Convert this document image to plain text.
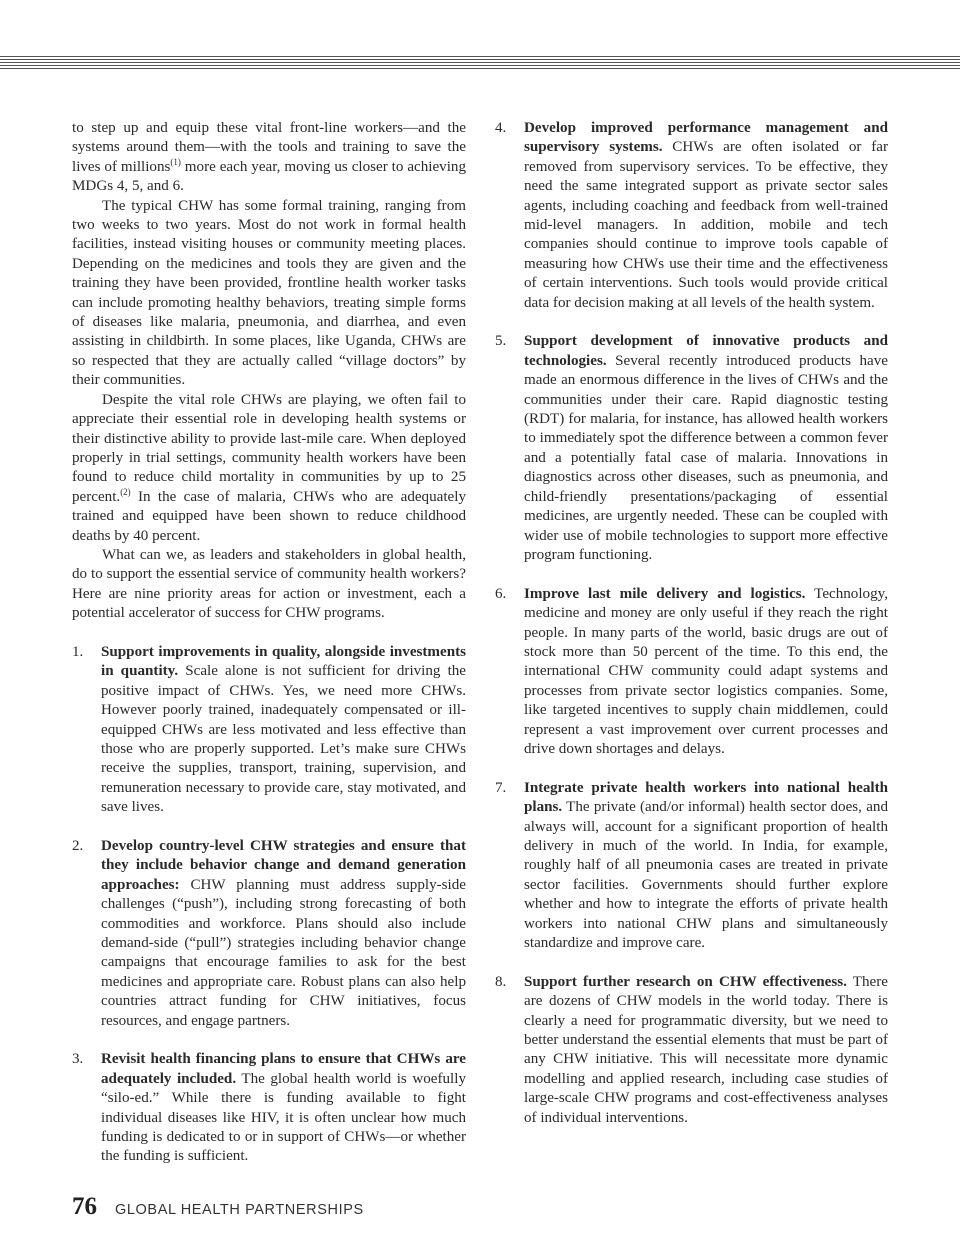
to step up and equip these vital front-line workers—and the systems around them—with the tools and training to save the lives of millions$^{(1)}$ more each year, moving us closer to achieving MDGs 4, 5, and 6.

The typical CHW has some formal training, ranging from two weeks to two years. Most do not work in formal health facilities, instead visiting houses or community meeting places. Depending on the medicines and tools they are given and the training they have been provided, frontline health worker tasks can include promoting healthy behaviors, treating simple forms of diseases like malaria, pneumonia, and diarrhea, and even assisting in childbirth. In some places, like Uganda, CHWs are so respected that they are actually called “village doctors” by their communities.

Despite the vital role CHWs are playing, we often fail to appreciate their essential role in developing health systems or their distinctive ability to provide last-mile care. When deployed properly in trial settings, community health workers have been found to reduce child mortality in communities by up to 25 percent.$^{(2)}$ In the case of malaria, CHWs who are adequately trained and equipped have been shown to reduce childhood deaths by 40 percent.

What can we, as leaders and stakeholders in global health, do to support the essential service of community health workers? Here are nine priority areas for action or investment, each a potential accelerator of success for CHW programs.

1. Support improvements in quality, alongside investments in quantity. Scale alone is not sufficient for driving the positive impact of CHWs. Yes, we need more CHWs. However poorly trained, inadequately compensated or ill-equipped CHWs are less motivated and less effective than those who are properly supported. Let’s make sure CHWs receive the supplies, transport, training, supervision, and remuneration necessary to provide care, stay motivated, and save lives.
2. Develop country-level CHW strategies and ensure that they include behavior change and demand generation approaches: CHW planning must address supply-side challenges (“push”), including strong forecasting of both commodities and workforce. Plans should also include demand-side (“pull”) strategies including behavior change campaigns that encourage families to ask for the best medicines and appropriate care. Robust plans can also help countries attract funding for CHW initiatives, focus resources, and engage partners.
3. Revisit health financing plans to ensure that CHWs are adequately included. The global health world is woefully “silo-ed.” While there is funding available to fight individual diseases like HIV, it is often unclear how much funding is dedicated to or in support of CHWs—or whether the funding is sufficient.
4. Develop improved performance management and supervisory systems. CHWs are often isolated or far removed from supervisory services. To be effective, they need the same integrated support as private sector sales agents, including coaching and feedback from well-trained mid-level managers. In addition, mobile and tech companies should continue to improve tools capable of measuring how CHWs use their time and the effectiveness of certain interventions. Such tools would provide critical data for decision making at all levels of the health system.
5. Support development of innovative products and technologies. Several recently introduced products have made an enormous difference in the lives of CHWs and the communities under their care. Rapid diagnostic testing (RDT) for malaria, for instance, has allowed health workers to immediately spot the difference between a common fever and a potentially fatal case of malaria. Innovations in diagnostics across other diseases, such as pneumonia, and child-friendly presentations/packaging of essential medicines, are urgently needed. These can be coupled with wider use of mobile technologies to support more effective program functioning.
6. Improve last mile delivery and logistics. Technology, medicine and money are only useful if they reach the right people. In many parts of the world, basic drugs are out of stock more than 50 percent of the time. To this end, the international CHW community could adapt systems and processes from private sector logistics companies. Some, like targeted incentives to supply chain middlemen, could represent a vast improvement over current processes and drive down shortages and delays.
7. Integrate private health workers into national health plans. The private (and/or informal) health sector does, and always will, account for a significant proportion of health delivery in much of the world. In India, for example, roughly half of all pneumonia cases are treated in private sector facilities. Governments should further explore whether and how to integrate the efforts of private health workers into national CHW plans and simultaneously standardize and improve care.
8. Support further research on CHW effectiveness. There are dozens of CHW models in the world today. There is clearly a need for programmatic diversity, but we need to better understand the essential elements that must be part of any CHW initiative. This will necessitate more dynamic modelling and applied research, including case studies of large-scale CHW programs and cost-effectiveness analyses of individual interventions.
76 GLOBAL HEALTH PARTNERSHIPS
